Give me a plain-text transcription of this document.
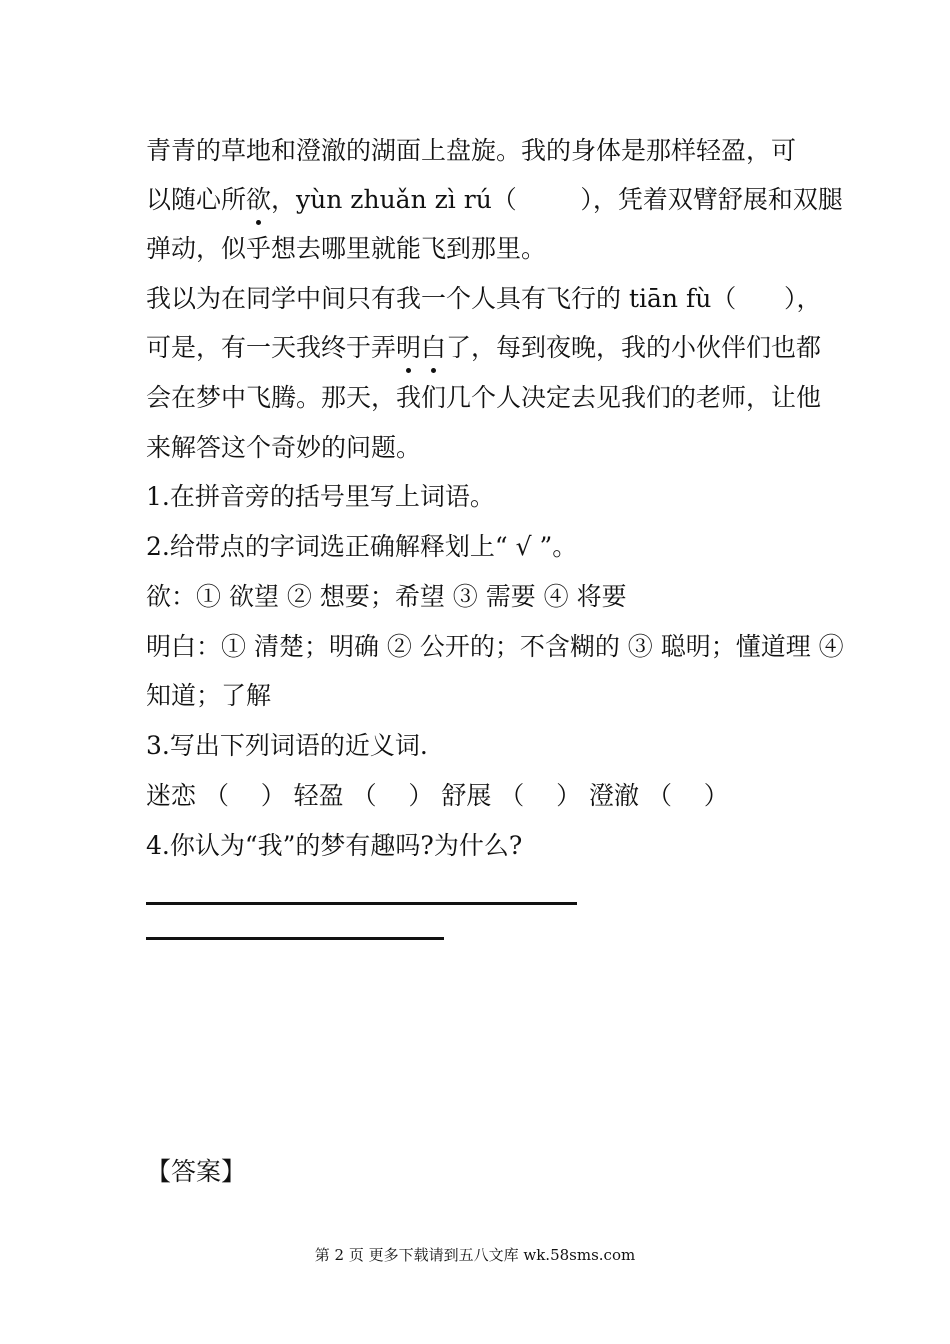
青青的草地和澄澈的湖面上盘旋。我的身体是那样轻盈，可
以随心所欲，yùn zhuǎn zì rú（        ），凭着双臂舒展和双腿
弹动，似乎想去哪里就能飞到那里。
我以为在同学中间只有我一个人具有飞行的 tiān fù（      ），
可是，有一天我终于弄明白了，每到夜晚，我的小伙伴们也都
会在梦中飞腾。那天，我们几个人决定去见我们的老师，让他
来解答这个奇妙的问题。
1.在拼音旁的括号里写上词语。
2.给带点的字词选正确解释划上“ √ ”。
欲：① 欲望 ② 想要；希望 ③ 需要 ④ 将要
明白：① 清楚；明确 ② 公开的；不含糊的 ③ 聪明；懂道理 ④
知道；了解
3.写出下列词语的近义词.
迷恋 （    ） 轻盈 （    ） 舒展 （    ） 澄澈 （    ）
4.你认为“我”的梦有趣吗?为什么?
【答案】
第 2 页 更多下载请到五八文库 wk.58sms.com
